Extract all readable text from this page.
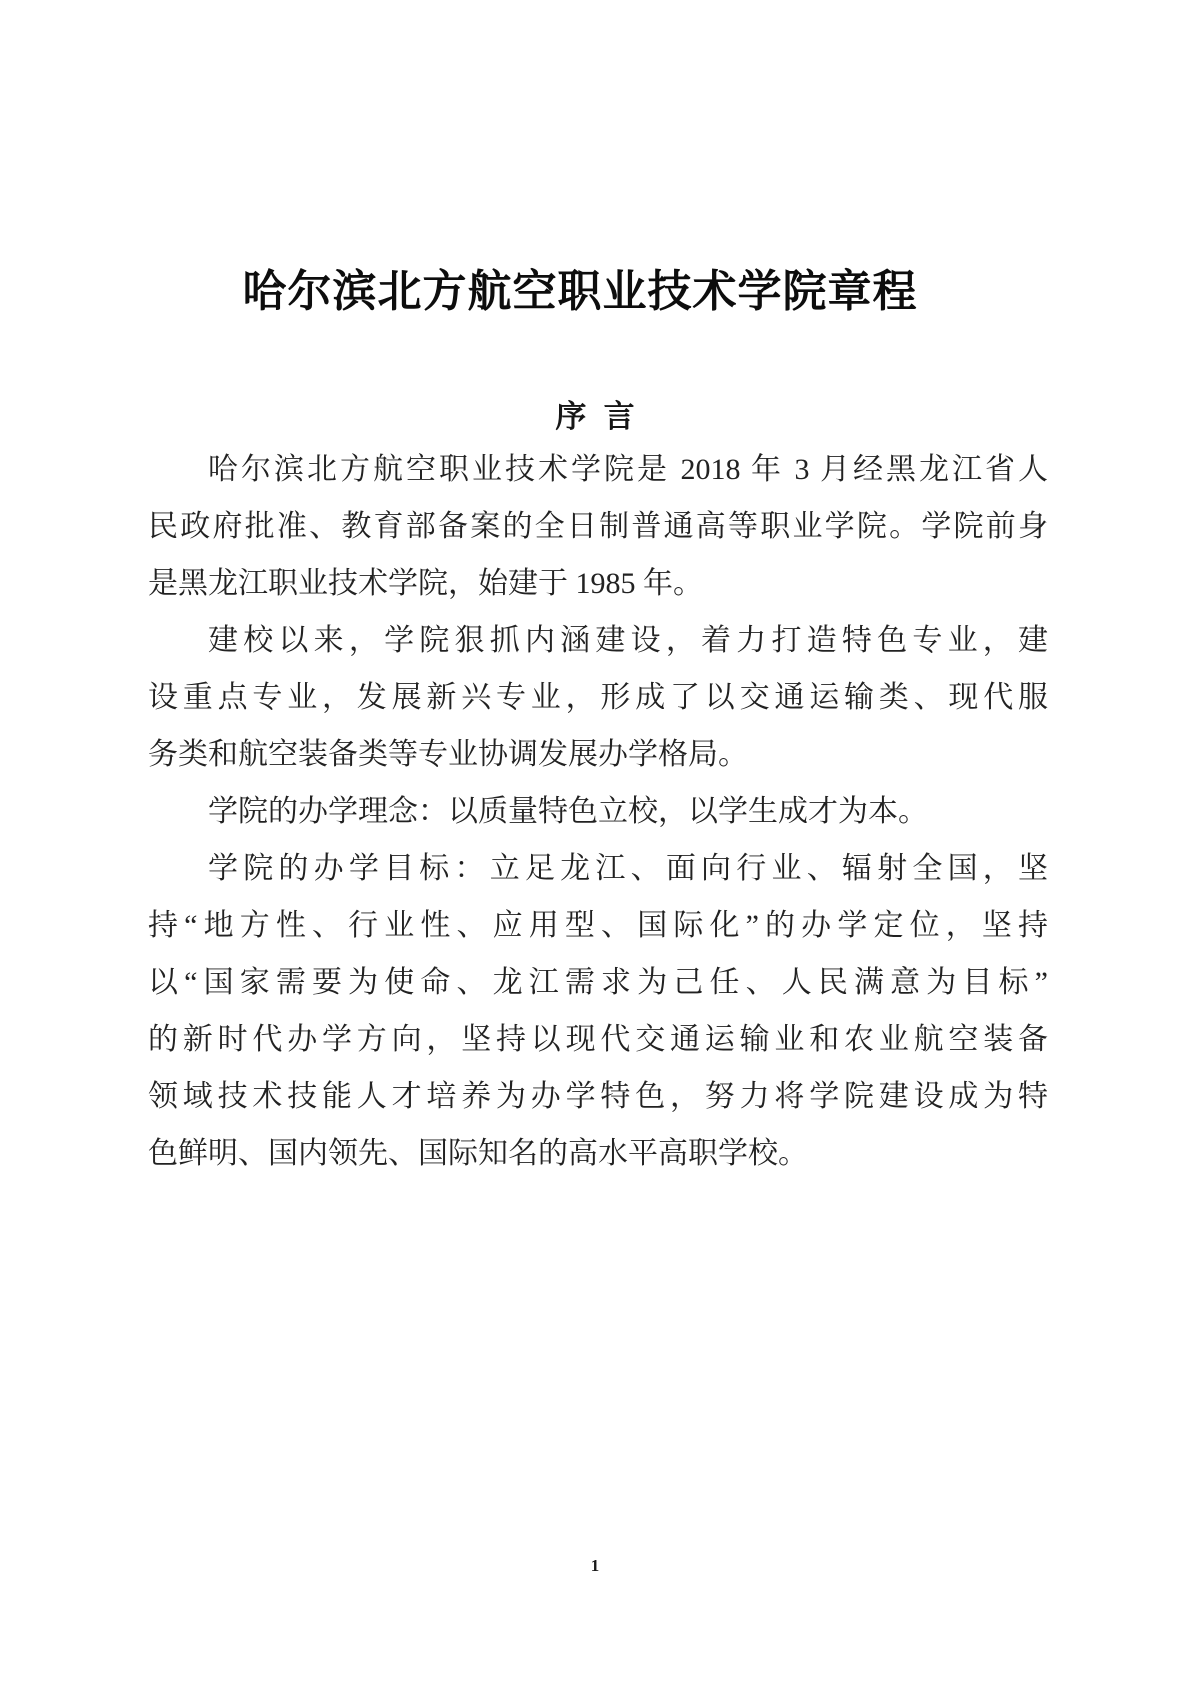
哈尔滨北方航空职业技术学院章程
序  言
哈尔滨北方航空职业技术学院是 2018 年 3 月经黑龙江省人
民政府批准、教育部备案的全日制普通高等职业学院。学院前身
是黑龙江职业技术学院，始建于 1985 年。
建校以来，学院狠抓内涵建设，着力打造特色专业，建
设重点专业，发展新兴专业，形成了以交通运输类、现代服
务类和航空装备类等专业协调发展办学格局。
学院的办学理念：以质量特色立校，以学生成才为本。
学院的办学目标：立足龙江、面向行业、辐射全国，坚
持“地方性、行业性、应用型、国际化”的办学定位，坚持
以“国家需要为使命、龙江需求为己任、人民满意为目标”
的新时代办学方向，坚持以现代交通运输业和农业航空装备
领域技术技能人才培养为办学特色，努力将学院建设成为特
色鲜明、国内领先、国际知名的高水平高职学校。
1
